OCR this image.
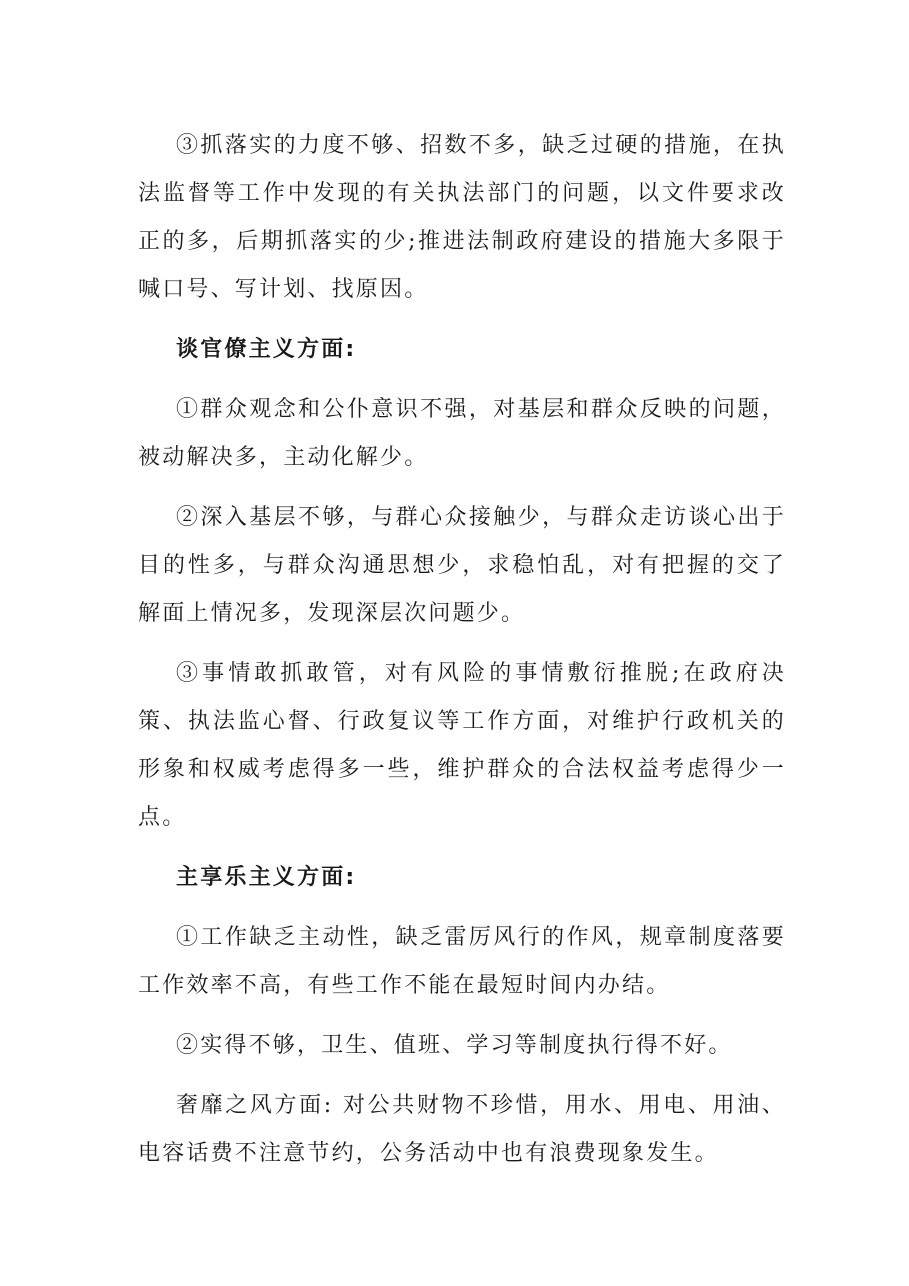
③抓落实的力度不够、招数不多，缺乏过硬的措施，在执法监督等工作中发现的有关执法部门的问题，以文件要求改正的多，后期抓落实的少;推进法制政府建设的措施大多限于喊口号、写计划、找原因。

谈官僚主义方面:

①群众观念和公仆意识不强，对基层和群众反映的问题，被动解决多，主动化解少。

②深入基层不够，与群心众接触少，与群众走访谈心出于目的性多，与群众沟通思想少，求稳怕乱，对有把握的交了解面上情况多，发现深层次问题少。

③事情敢抓敢管，对有风险的事情敷衍推脱;在政府决策、执法监心督、行政复议等工作方面，对维护行政机关的形象和权威考虑得多一些，维护群众的合法权益考虑得少一点。

主享乐主义方面:

①工作缺乏主动性，缺乏雷厉风行的作风，规章制度落要工作效率不高，有些工作不能在最短时间内办结。

②实得不够，卫生、值班、学习等制度执行得不好。

奢靡之风方面: 对公共财物不珍惜，用水、用电、用油、电容话费不注意节约，公务活动中也有浪费现象发生。
